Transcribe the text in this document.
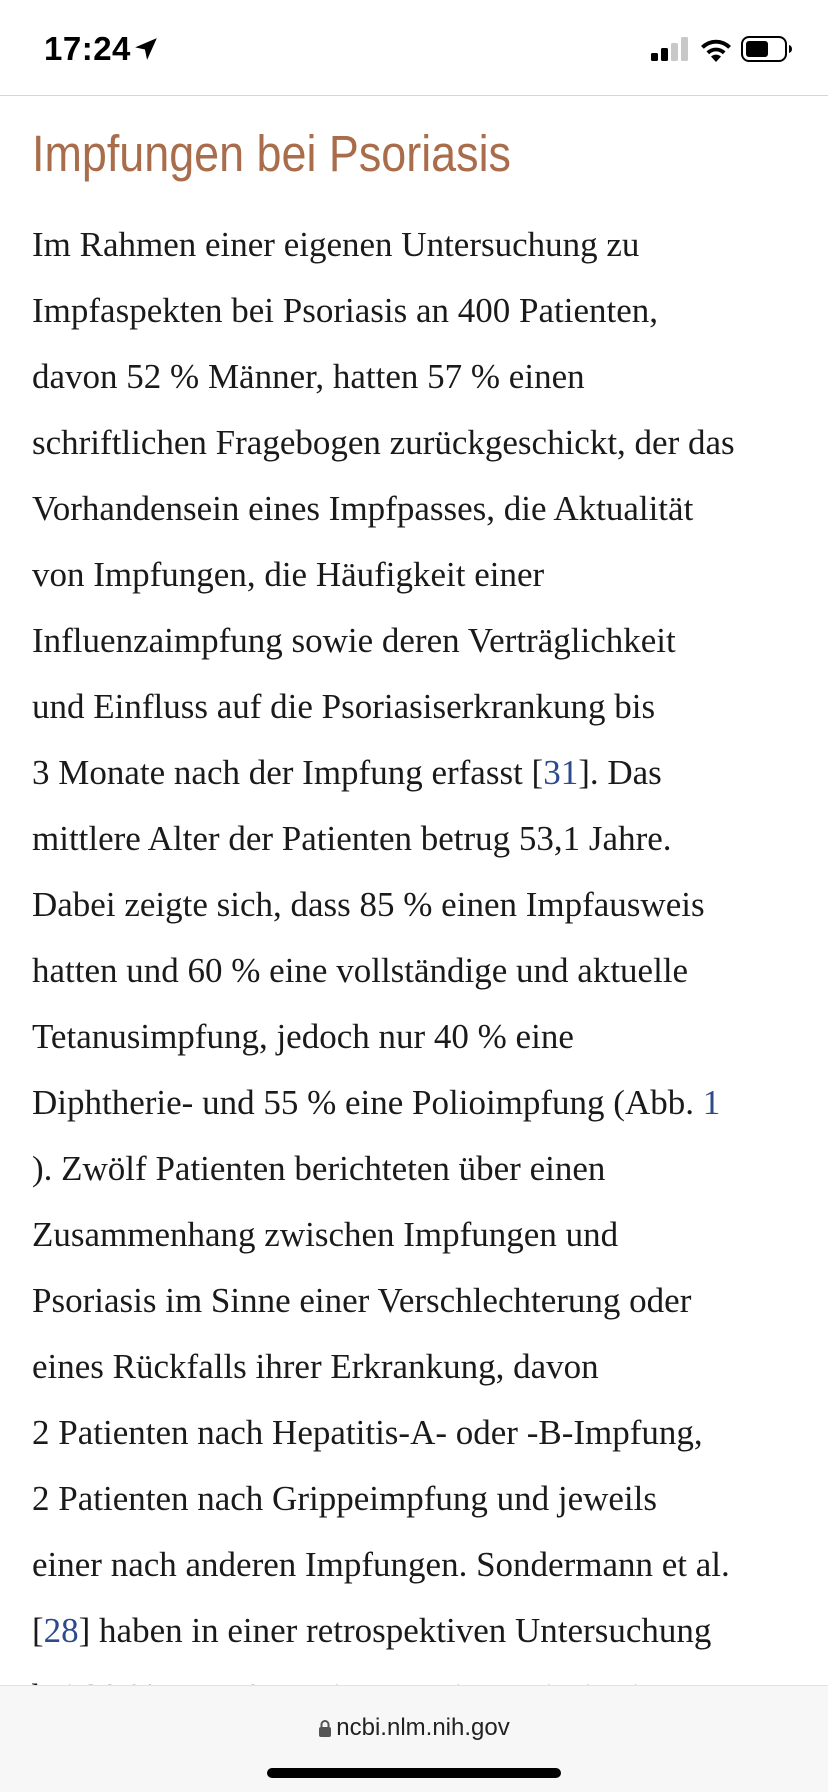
17:24
Impfungen bei Psoriasis
Im Rahmen einer eigenen Untersuchung zu
Impfaspekten bei Psoriasis an 400 Patienten,
davon 52 % Männer, hatten 57 % einen
schriftlichen Fragebogen zurückgeschickt, der das
Vorhandensein eines Impfpasses, die Aktualität
von Impfungen, die Häufigkeit einer
Influenzaimpfung sowie deren Verträglichkeit
und Einfluss auf die Psoriasiserkrankung bis
3 Monate nach der Impfung erfasst [31]. Das
mittlere Alter der Patienten betrug 53,1 Jahre.
Dabei zeigte sich, dass 85 % einen Impfausweis
hatten und 60 % eine vollständige und aktuelle
Tetanusimpfung, jedoch nur 40 % eine
Diphtherie- und 55 % eine Polioimpfung (Abb. 1
). Zwölf Patienten berichteten über einen
Zusammenhang zwischen Impfungen und
Psoriasis im Sinne einer Verschlechterung oder
eines Rückfalls ihrer Erkrankung, davon
2 Patienten nach Hepatitis-A- oder -B-Impfung,
2 Patienten nach Grippeimpfung und jeweils
einer nach anderen Impfungen. Sondermann et al.
[28] haben in einer retrospektiven Untersuchung
ncbi.nlm.nih.gov
